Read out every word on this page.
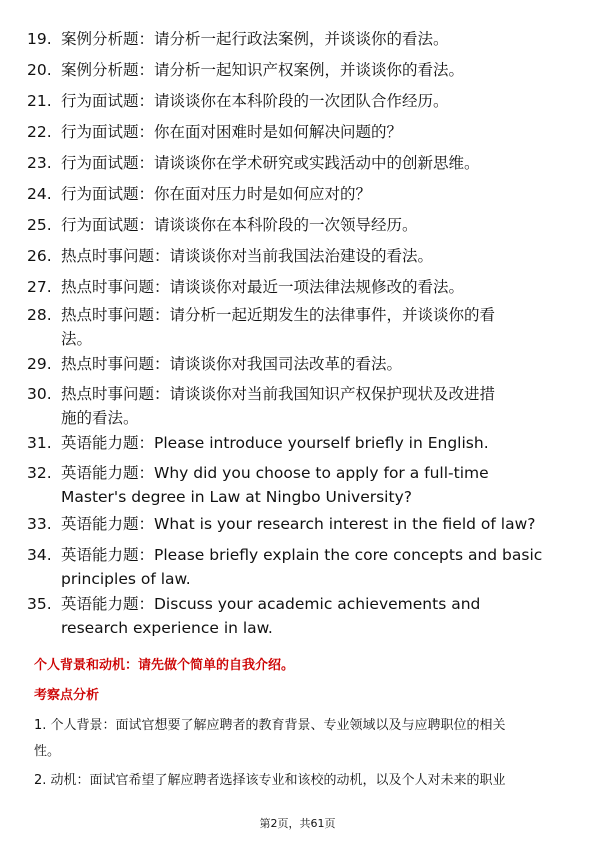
19. 案例分析题：请分析一起行政法案例，并谈谈你的看法。
20. 案例分析题：请分析一起知识产权案例，并谈谈你的看法。
21. 行为面试题：请谈谈你在本科阶段的一次团队合作经历。
22. 行为面试题：你在面对困难时是如何解决问题的？
23. 行为面试题：请谈谈你在学术研究或实践活动中的创新思维。
24. 行为面试题：你在面对压力时是如何应对的？
25. 行为面试题：请谈谈你在本科阶段的一次领导经历。
26. 热点时事问题：请谈谈你对当前我国法治建设的看法。
27. 热点时事问题：请谈谈你对最近一项法律法规修改的看法。
28. 热点时事问题：请分析一起近期发生的法律事件，并谈谈你的看
法。
29. 热点时事问题：请谈谈你对我国司法改革的看法。
30. 热点时事问题：请谈谈你对当前我国知识产权保护现状及改进措
施的看法。
31. 英语能力题：Please introduce yourself briefly in English.
32. 英语能力题：Why did you choose to apply for a full-time
Master's degree in Law at Ningbo University?
33. 英语能力题：What is your research interest in the field of law?
34. 英语能力题：Please briefly explain the core concepts and basic
principles of law.
35. 英语能力题：Discuss your academic achievements and
research experience in law.
个人背景和动机：请先做个简单的自我介绍。
考察点分析
1. 个人背景：面试官想要了解应聘者的教育背景、专业领域以及与应聘职位的相关
性。
2. 动机：面试官希望了解应聘者选择该专业和该校的动机，以及个人对未来的职业
第2页，共61页
